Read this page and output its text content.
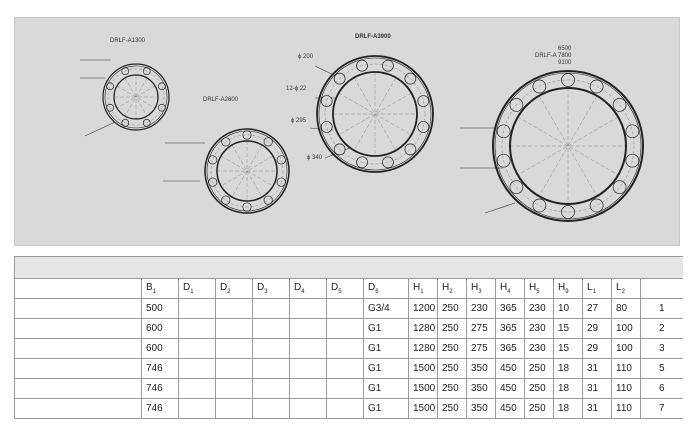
DRLF-A1300
DRLF-A2600
DRLF-A3900
6500
DRLF-A 7800
9100
ϕ 200
12-ϕ 22
ϕ 295
ϕ 340

	$B_1$	$D_1$	$D_2$	$D_3$	$D_4$	$D_5$	$D_6$	$H_1$	$H_2$	$H_3$	$H_4$	$H_5$	$H_9$	$L_1$	$L_2$	
	500						G3/4	1200	250	230	365	230	10	27	80	1
	600						G1	1280	250	275	365	230	15	29	100	2
	600						G1	1280	250	275	365	230	15	29	100	3
	746						G1	1500	250	350	450	250	18	31	110	5
	746						G1	1500	250	350	450	250	18	31	110	6
	746						G1	1500	250	350	450	250	18	31	110	7
